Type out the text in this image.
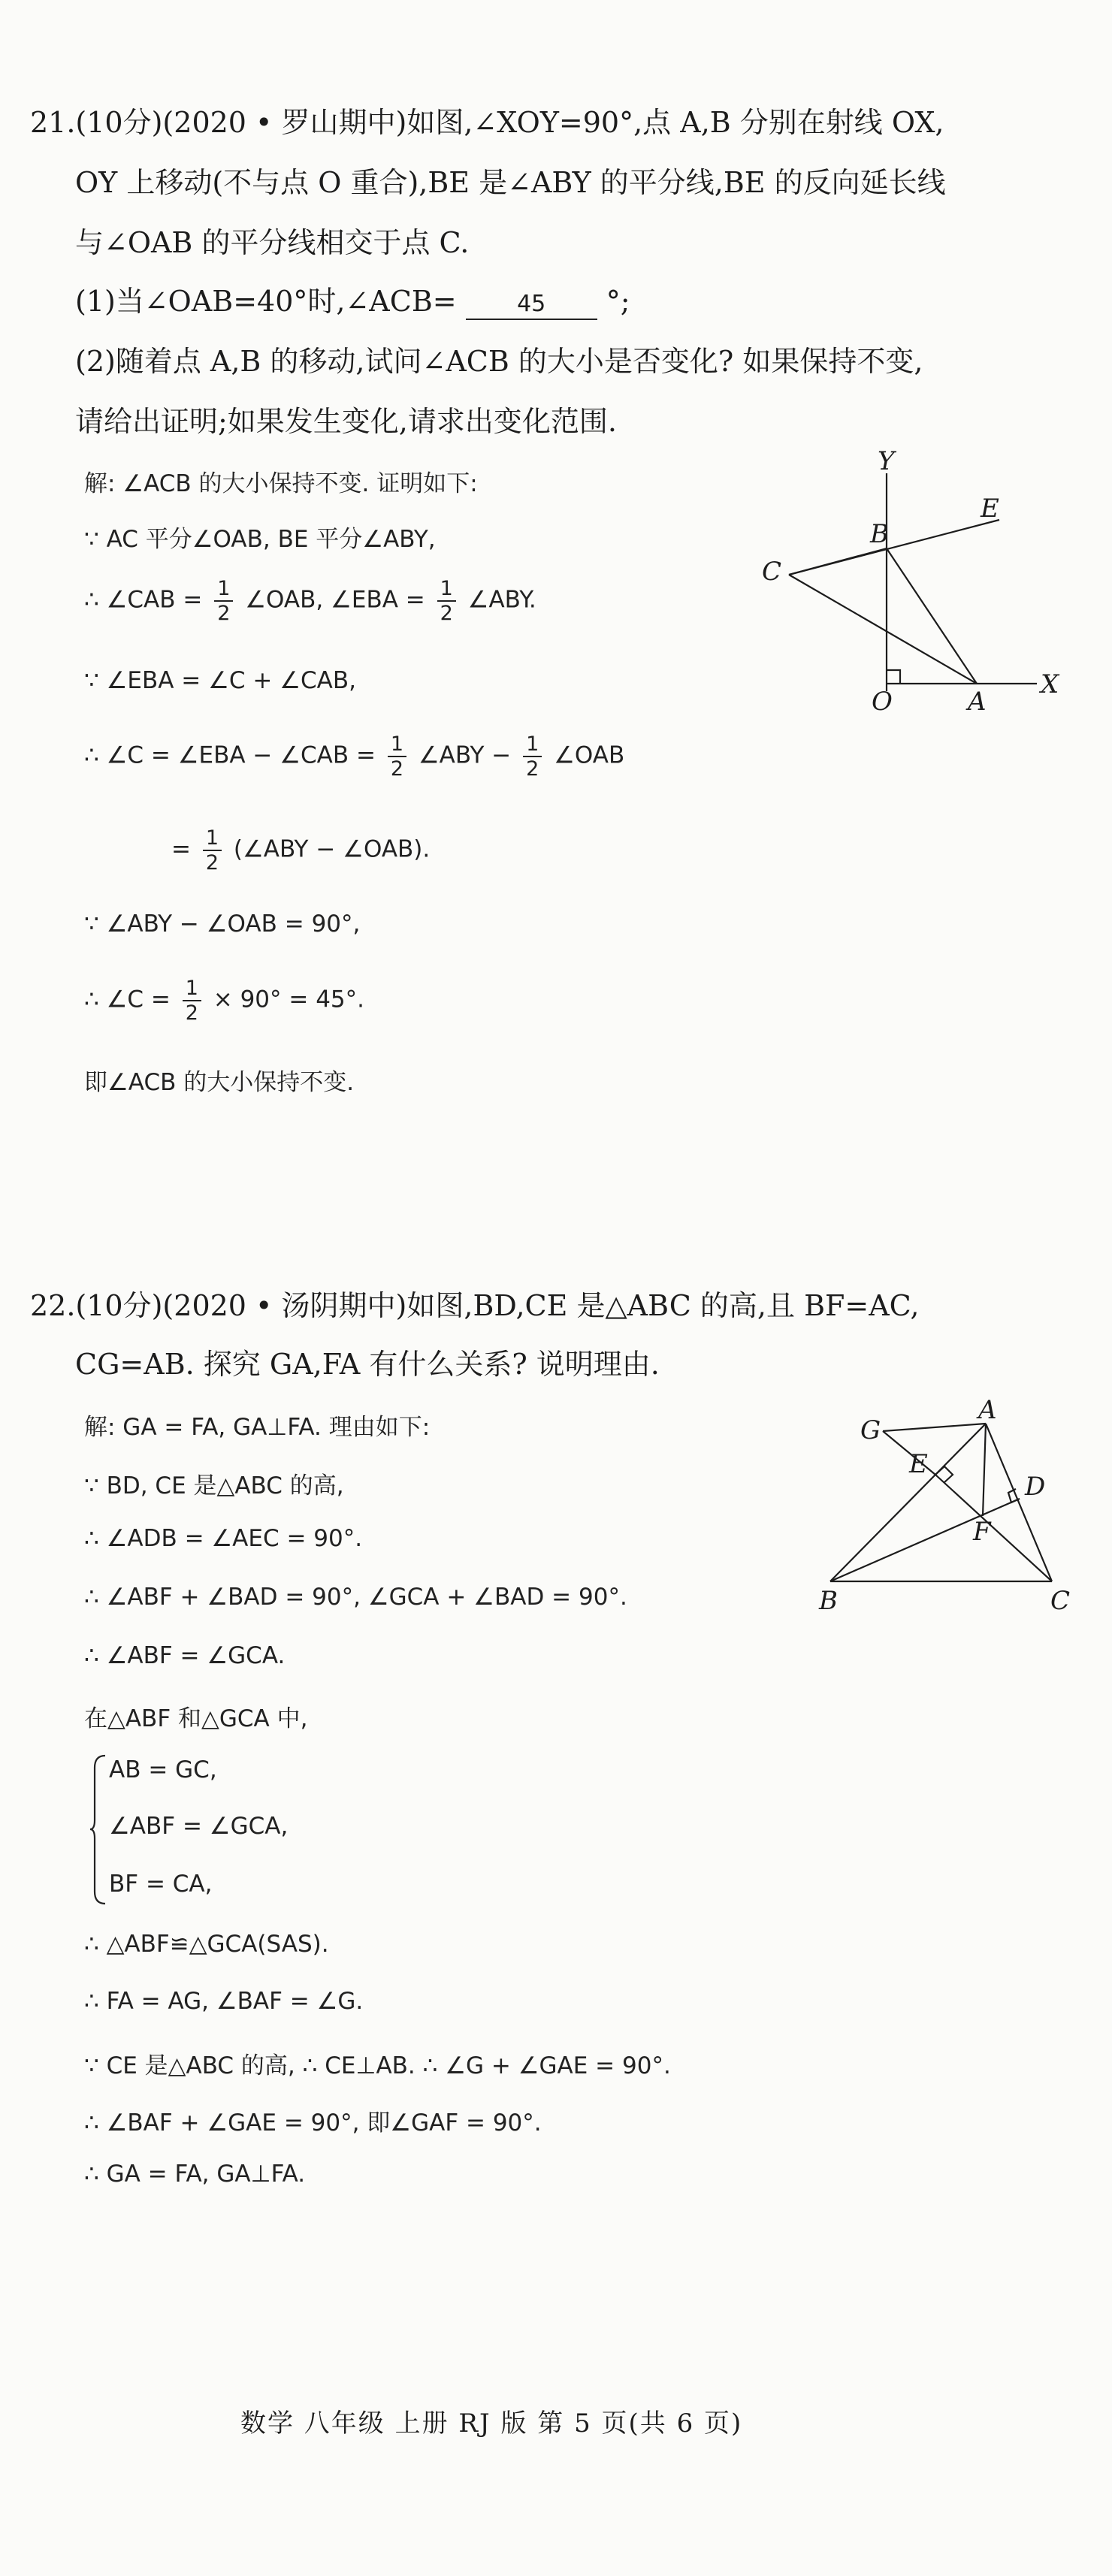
21.(10分)(2020 • 罗山期中)如图,∠XOY=90°,点 A,B 分别在射线 OX,
OY 上移动(不与点 O 重合),BE 是∠ABY 的平分线,BE 的反向延长线
与∠OAB 的平分线相交于点 C.
(1)当∠OAB=40°时,∠ACB=	45 °;
(2)随着点 A,B 的移动,试问∠ACB 的大小是否变化? 如果保持不变,
请给出证明;如果发生变化,请求出变化范围.
解: ∠ACB 的大小保持不变. 证明如下:
∵ AC 平分∠OAB, BE 平分∠ABY,
∴ ∠CAB = $\frac{1}{2}$ ∠OAB, ∠EBA = $\frac{1}{2}$ ∠ABY.
∵ ∠EBA = ∠C + ∠CAB,
∴ ∠C = ∠EBA − ∠CAB = $\frac{1}{2}$ ∠ABY − $\frac{1}{2}$ ∠OAB
= $\frac{1}{2}$ (∠ABY − ∠OAB).
∵ ∠ABY − ∠OAB = 90°,
∴ ∠C = $\frac{1}{2} \times 90^\circ = 45^\circ$.
即∠ACB 的大小保持不变.
Y
E
B
C
O	A
X
22.(10分)(2020 • 汤阴期中)如图,BD,CE 是△ABC 的高,且 BF=AC,
CG=AB. 探究 GA,FA 有什么关系? 说明理由.
解: GA = FA, GA⊥FA. 理由如下:
∵ BD, CE 是△ABC 的高,
∴ ∠ADB = ∠AEC = 90°.
∴ ∠ABF + ∠BAD = 90°, ∠GCA + ∠BAD = 90°.
∴ ∠ABF = ∠GCA.
在△ABF 和△GCA 中,
AB = GC,
∠ABF = ∠GCA,
BF = CA,
∴ △ABF≌△GCA(SAS).
∴ FA = AG, ∠BAF = ∠G.
∵ CE 是△ABC 的高, ∴ CE⊥AB. ∴ ∠G + ∠GAE = 90°.
∴ ∠BAF + ∠GAE = 90°, 即∠GAF = 90°.
∴ GA = FA, GA⊥FA.
G
A
E
D
F
B	C
数学 八年级 上册 RJ 版 第 5 页(共 6 页)
